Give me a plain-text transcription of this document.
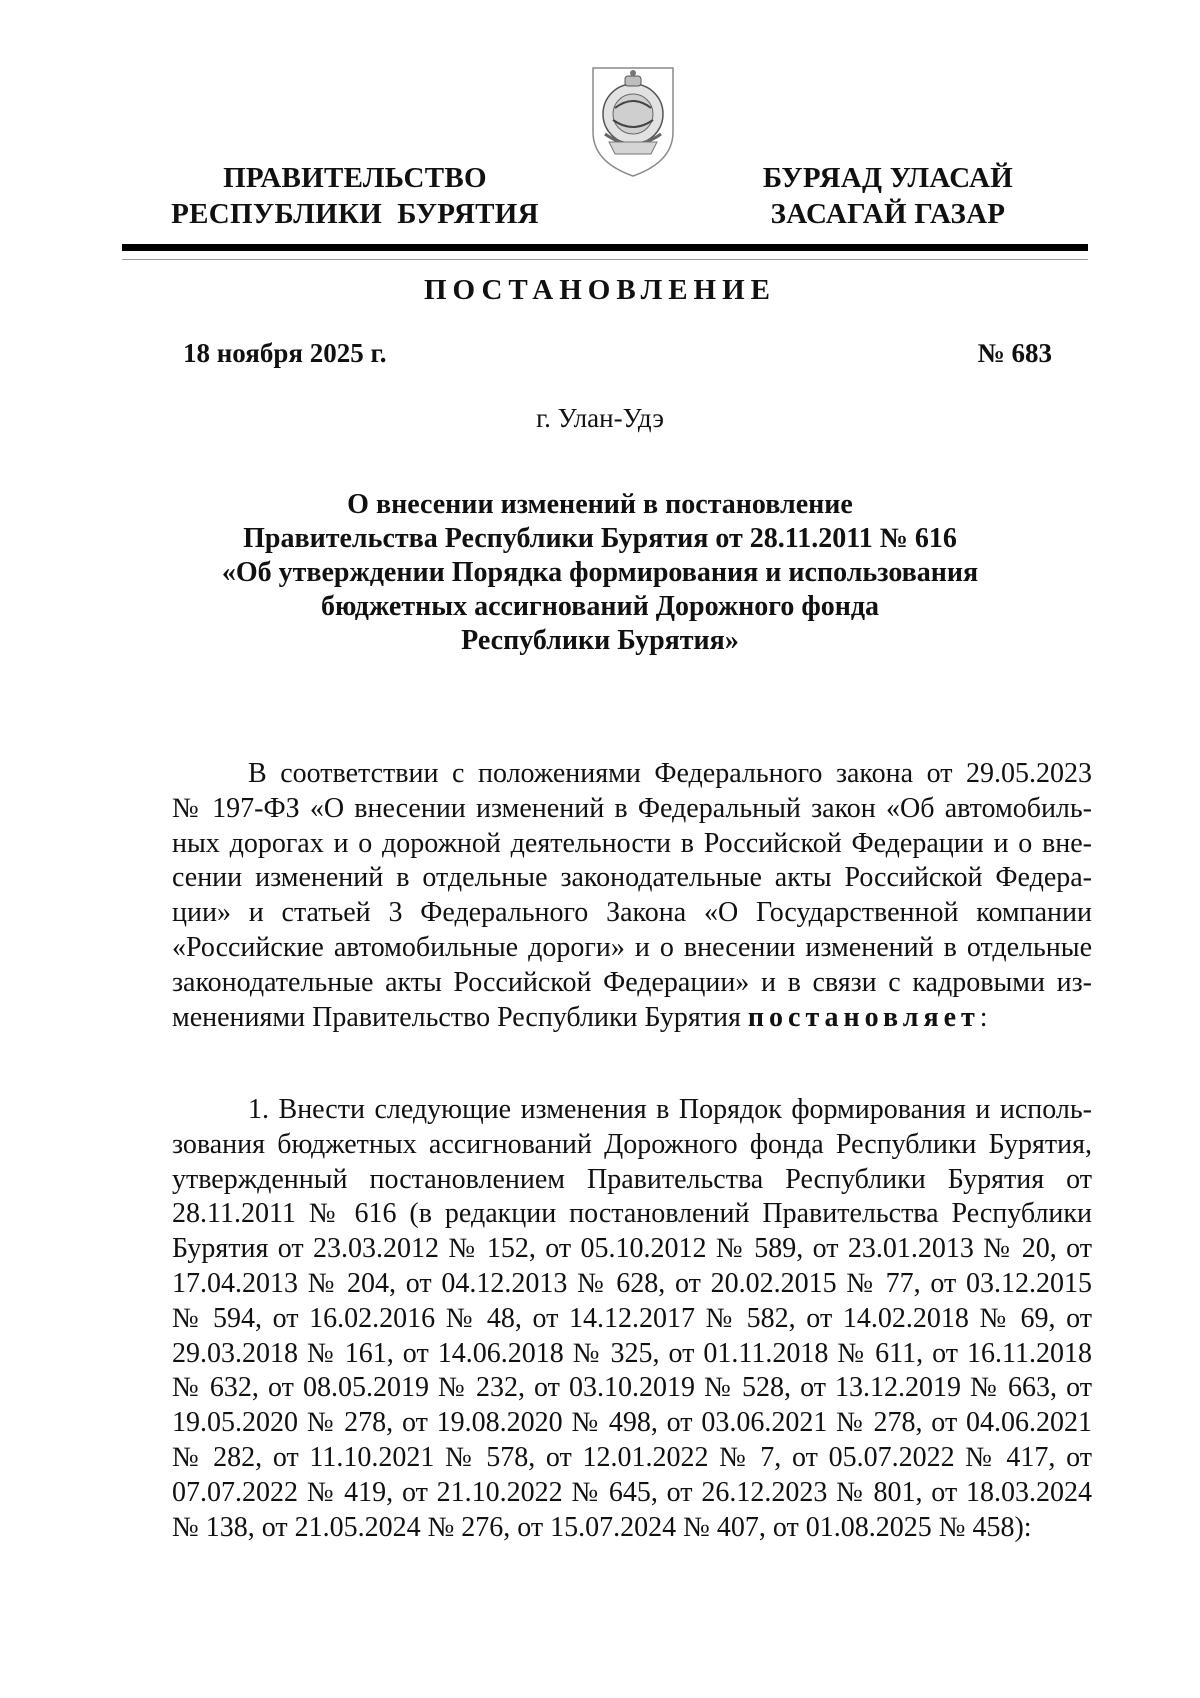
ПРАВИТЕЛЬСТВО
РЕСПУБЛИКИ  БУРЯТИЯ
БУРЯАД УЛАСАЙ
ЗАСАГАЙ ГАЗАР
ПОСТАНОВЛЕНИЕ
18 ноября 2025 г.	№ 683
г. Улан-Удэ
О внесении изменений в постановление
Правительства Республики Бурятия от 28.11.2011 № 616
«Об утверждении Порядка формирования и использования
бюджетных ассигнований Дорожного фонда
Республики Бурятия»
В соответствии с положениями Федерального закона от 29.05.2023
№ 197-ФЗ «О внесении изменений в Федеральный закон «Об автомобиль-
ных дорогах и о дорожной деятельности в Российской Федерации и о вне-
сении изменений в отдельные законодательные акты Российской Федера-
ции» и статьей 3 Федерального Закона «О Государственной компании
«Российские автомобильные дороги» и о внесении изменений в отдельные
законодательные акты Российской Федерации» и в связи с кадровыми из-
менениями Правительство Республики Бурятия постановляет:
1. Внести следующие изменения в Порядок формирования и исполь-
зования бюджетных ассигнований Дорожного фонда Республики Бурятия,
утвержденный постановлением Правительства Республики Бурятия от
28.11.2011 № 616 (в редакции постановлений Правительства Республики
Бурятия от 23.03.2012 № 152, от 05.10.2012 № 589, от 23.01.2013 № 20, от
17.04.2013 № 204, от 04.12.2013 № 628, от 20.02.2015 № 77, от 03.12.2015
№ 594, от 16.02.2016 № 48, от 14.12.2017 № 582, от 14.02.2018 № 69, от
29.03.2018 № 161, от 14.06.2018 № 325, от 01.11.2018 № 611, от 16.11.2018
№ 632, от 08.05.2019 № 232, от 03.10.2019 № 528, от 13.12.2019 № 663, от
19.05.2020 № 278, от 19.08.2020 № 498, от 03.06.2021 № 278, от 04.06.2021
№ 282, от 11.10.2021 № 578, от 12.01.2022 № 7, от 05.07.2022 № 417, от
07.07.2022 № 419, от 21.10.2022 № 645, от 26.12.2023 № 801, от 18.03.2024
№ 138, от 21.05.2024 № 276, от 15.07.2024 № 407, от 01.08.2025 № 458):
